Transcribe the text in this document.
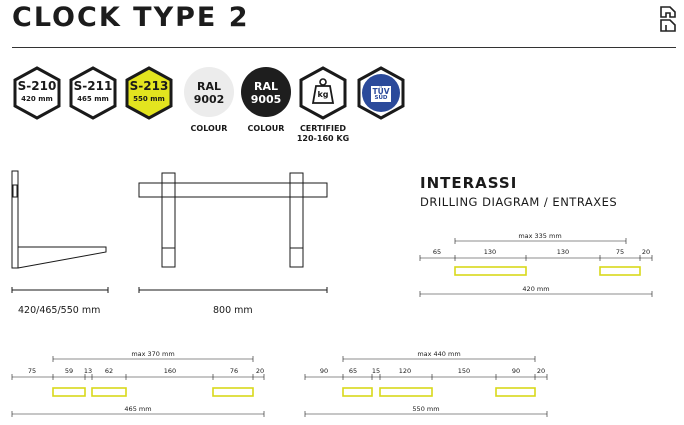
CLOCK TYPE 2
S-210
420 mm
S-211
465 mm
S-213
550 mm
RAL
9002
COLOUR
RAL
9005
COLOUR
kg
CERTIFIED
120-160 KG
TÜV
SÜD
max 335 mm
65	130	130	75	20
420 mm
max 370 mm
75	59 13 62	160	76	20
465 mm
max 440 mm
90	65 15	120	150	90	20
550 mm
420/465/550 mm	800 mm
INTERASSI
DRILLING DIAGRAM / ENTRAXES
